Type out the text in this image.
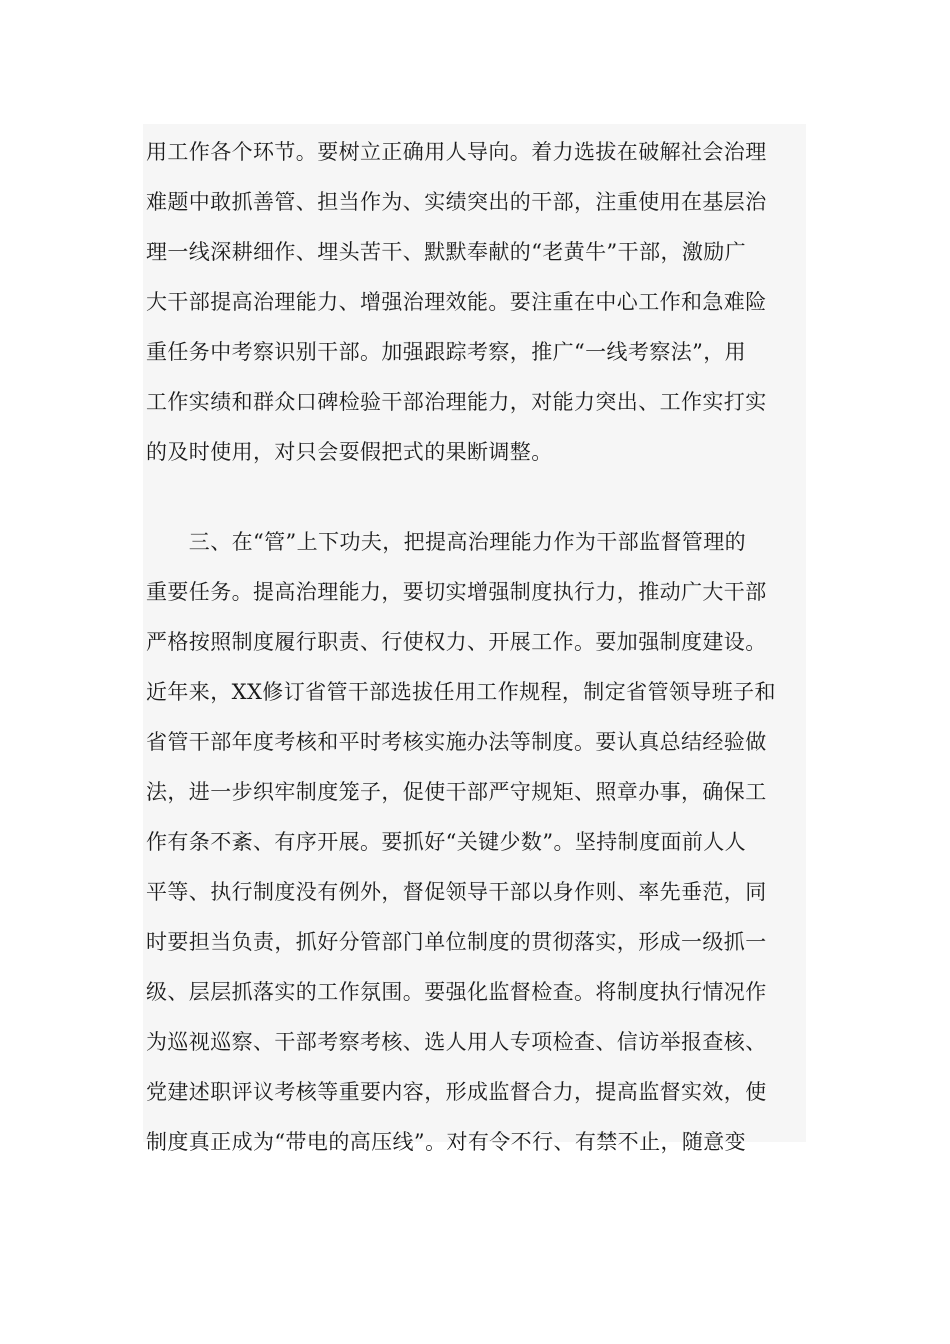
用工作各个环节。要树立正确用人导向。着力选拔在破解社会治理
难题中敢抓善管、担当作为、实绩突出的干部，注重使用在基层治
理一线深耕细作、埋头苦干、默默奉献的“老黄牛”干部，激励广
大干部提高治理能力、增强治理效能。要注重在中心工作和急难险
重任务中考察识别干部。加强跟踪考察，推广“一线考察法”，用
工作实绩和群众口碑检验干部治理能力，对能力突出、工作实打实
的及时使用，对只会耍假把式的果断调整。
　　三、在“管”上下功夫，把提高治理能力作为干部监督管理的
重要任务。提高治理能力，要切实增强制度执行力，推动广大干部
严格按照制度履行职责、行使权力、开展工作。要加强制度建设。
近年来，XX修订省管干部选拔任用工作规程，制定省管领导班子和
省管干部年度考核和平时考核实施办法等制度。要认真总结经验做
法，进一步织牢制度笼子，促使干部严守规矩、照章办事，确保工
作有条不紊、有序开展。要抓好“关键少数”。坚持制度面前人人
平等、执行制度没有例外，督促领导干部以身作则、率先垂范，同
时要担当负责，抓好分管部门单位制度的贯彻落实，形成一级抓一
级、层层抓落实的工作氛围。要强化监督检查。将制度执行情况作
为巡视巡察、干部考察考核、选人用人专项检查、信访举报查核、
党建述职评议考核等重要内容，形成监督合力，提高监督实效，使
制度真正成为“带电的高压线”。对有令不行、有禁不止，随意变
